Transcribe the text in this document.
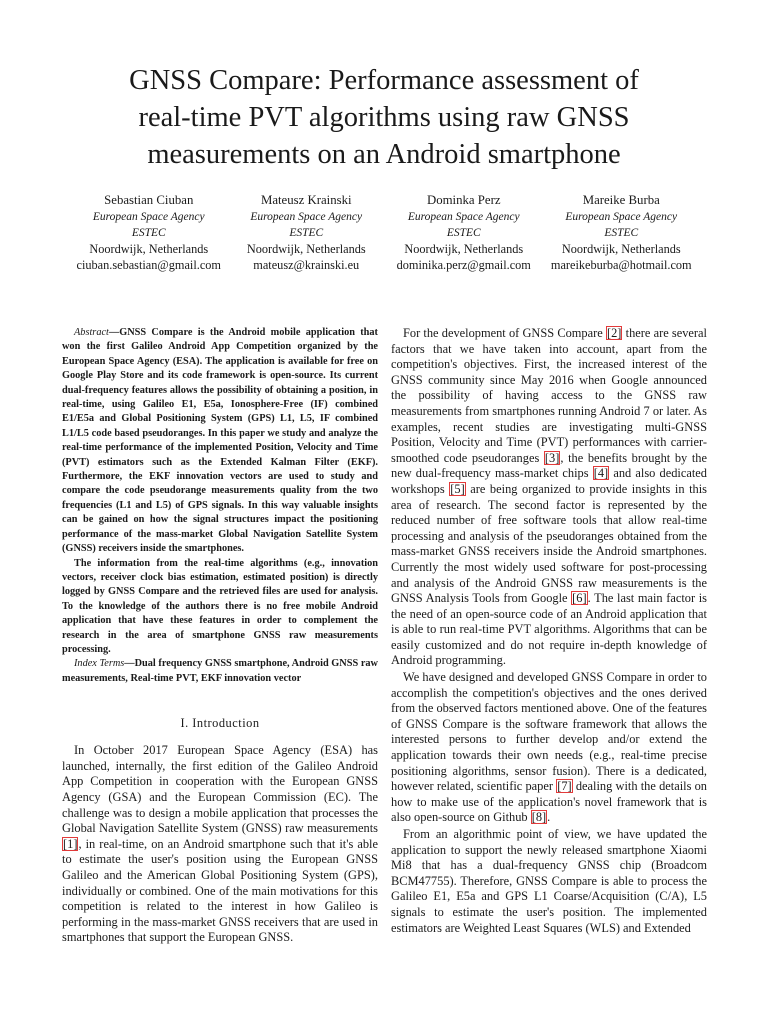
GNSS Compare: Performance assessment of
real-time PVT algorithms using raw GNSS
measurements on an Android smartphone
Sebastian Ciuban
European Space Agency
ESTEC
Noordwijk, Netherlands
ciuban.sebastian@gmail.com
Mateusz Krainski
European Space Agency
ESTEC
Noordwijk, Netherlands
mateusz@krainski.eu
Dominka Perz
European Space Agency
ESTEC
Noordwijk, Netherlands
dominika.perz@gmail.com
Mareike Burba
European Space Agency
ESTEC
Noordwijk, Netherlands
mareikeburba@hotmail.com

Abstract—GNSS Compare is the Android mobile application that won the first Galileo Android App Competition organized by the European Space Agency (ESA). The application is available for free on Google Play Store and its code framework is open-source. Its current dual-frequency features allows the possibility of obtaining a position, in real-time, using Galileo E1, E5a, Ionosphere-Free (IF) combined E1/E5a and Global Positioning System (GPS) L1, L5, IF combined L1/L5 code based pseudoranges. In this paper we study and analyze the real-time performance of the implemented Position, Velocity and Time (PVT) estimators such as the Extended Kalman Filter (EKF). Furthermore, the EKF innovation vectors are used to study and compare the code pseudorange measurements quality from the two frequencies (L1 and L5) of GPS signals. In this way valuable insights can be gained on how the signal structures impact the positioning performance of the mass-market Global Navigation Satellite System (GNSS) receivers inside the smartphones.

The information from the real-time algorithms (e.g., innovation vectors, receiver clock bias estimation, estimated position) is directly logged by GNSS Compare and the retrieved files are used for analysis. To the knowledge of the authors there is no free mobile Android application that have these features in order to complement the research in the area of smartphone GNSS raw measurements processing.

Index Terms—Dual frequency GNSS smartphone, Android GNSS raw measurements, Real-time PVT, EKF innovation vector

I. Introduction

In October 2017 European Space Agency (ESA) has launched, internally, the first edition of the Galileo Android App Competition in cooperation with the European GNSS Agency (GSA) and the European Commission (EC). The challenge was to design a mobile application that processes the Global Navigation Satellite System (GNSS) raw measurements [1], in real-time, on an Android smartphone such that it's able to estimate the user's position using the European GNSS Galileo and the American Global Positioning System (GPS), individually or combined. One of the main motivations for this competition is related to the interest in how Galileo is performing in the mass-market GNSS receivers that are used in smartphones that support the European GNSS.

For the development of GNSS Compare [2] there are several factors that we have taken into account, apart from the competition's objectives. First, the increased interest of the GNSS community since May 2016 when Google announced the possibility of having access to the GNSS raw measurements from smartphones running Android 7 or later. As examples, recent studies are investigating multi-GNSS Position, Velocity and Time (PVT) performances with carrier-smoothed code pseudoranges [3], the benefits brought by the new dual-frequency mass-market chips [4] and also dedicated workshops [5] are being organized to provide insights in this area of research. The second factor is represented by the reduced number of free software tools that allow real-time processing and analysis of the pseudoranges obtained from the mass-market GNSS receivers inside the Android smartphones. Currently the most widely used software for post-processing and analysis of the Android GNSS raw measurements is the GNSS Analysis Tools from Google [6]. The last main factor is the need of an open-source code of an Android application that is able to run real-time PVT algorithms. Algorithms that can be easily customized and do not require in-depth knowledge of Android programming.

We have designed and developed GNSS Compare in order to accomplish the competition's objectives and the ones derived from the observed factors mentioned above. One of the features of GNSS Compare is the software framework that allows the interested persons to further develop and/or extend the application towards their own needs (e.g., real-time precise positioning algorithms, sensor fusion). There is a dedicated, however related, scientific paper [7] dealing with the details on how to make use of the application's novel framework that is also open-source on Github [8].

From an algorithmic point of view, we have updated the application to support the newly released smartphone Xiaomi Mi8 that has a dual-frequency GNSS chip (Broadcom BCM47755). Therefore, GNSS Compare is able to process the Galileo E1, E5a and GPS L1 Coarse/Acquisition (C/A), L5 signals to estimate the user's position. The implemented estimators are Weighted Least Squares (WLS) and Extended
